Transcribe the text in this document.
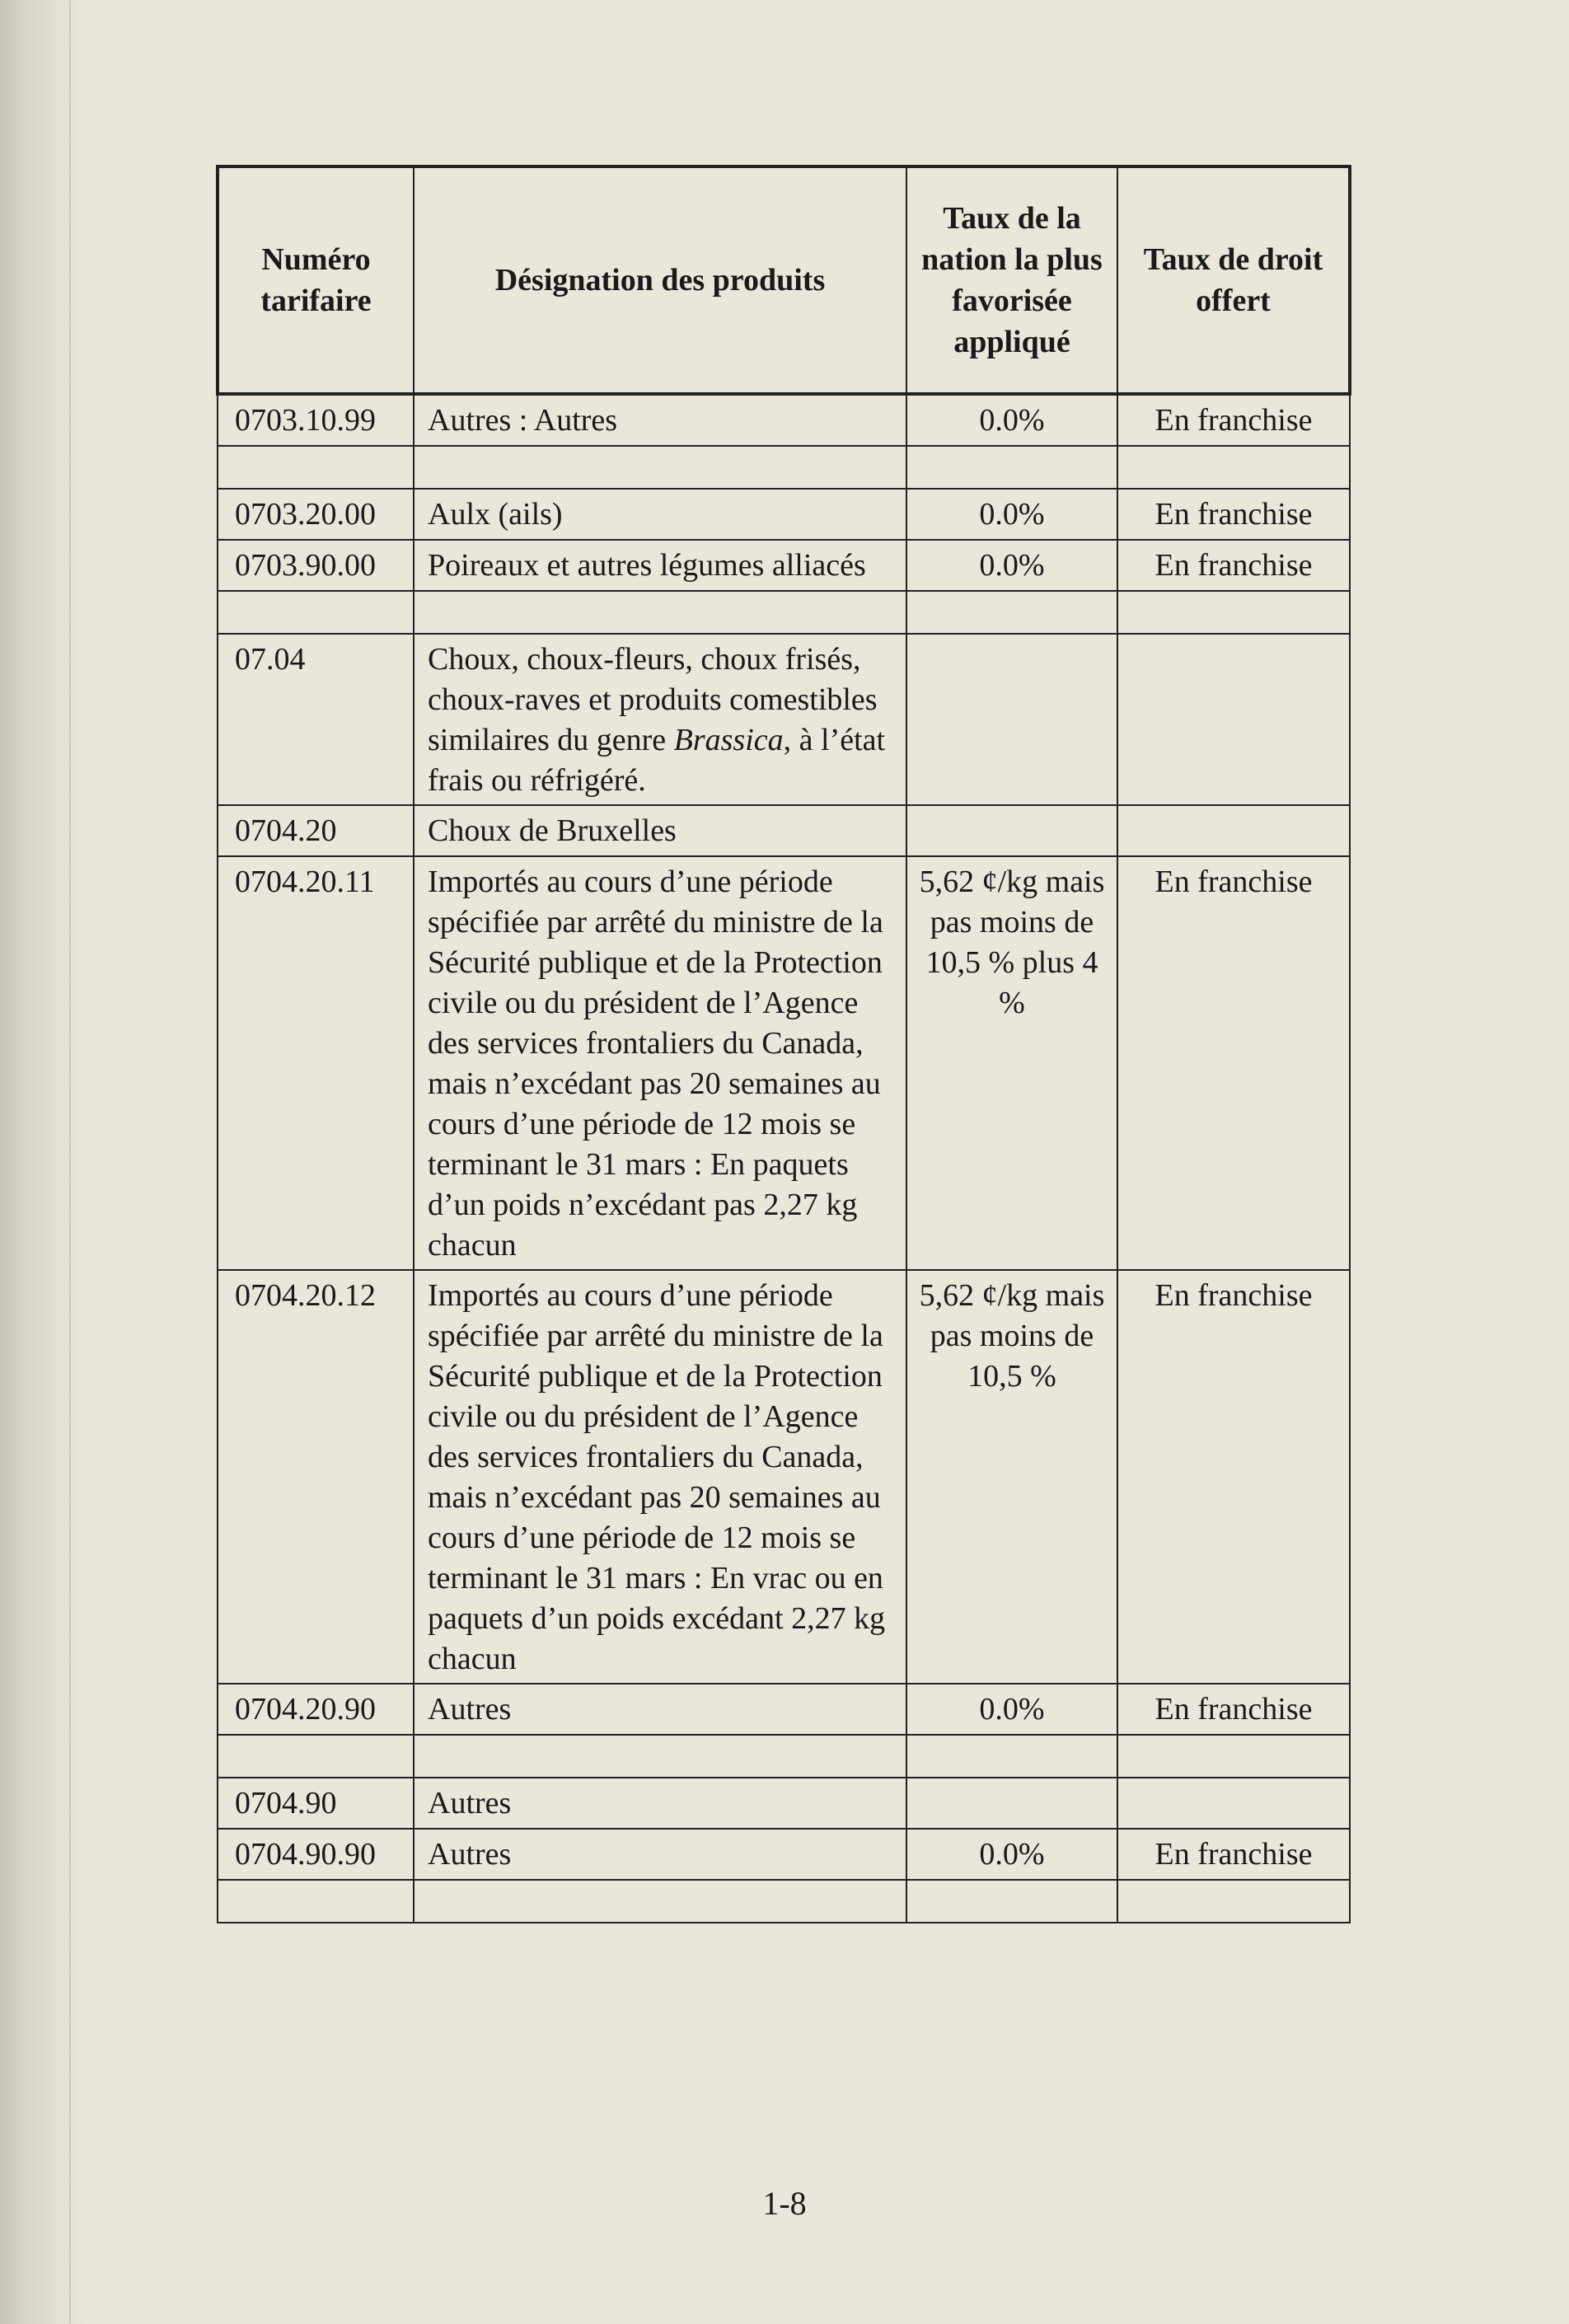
Numéro tarifaire	Désignation des produits	Taux de la nation la plus favorisée appliqué	Taux de droit offert
0703.10.99	Autres : Autres	0.0%	En franchise

0703.20.00	Aulx (ails)	0.0%	En franchise
0703.90.00	Poireaux et autres légumes alliacés	0.0%	En franchise

07.04	Choux, choux-fleurs, choux frisés, choux-raves et produits comestibles similaires du genre Brassica, à l’état frais ou réfrigéré.		
0704.20	Choux de Bruxelles		
0704.20.11	Importés au cours d’une période spécifiée par arrêté du ministre de la Sécurité publique et de la Protection civile ou du président de l’Agence des services frontaliers du Canada, mais n’excédant pas 20 semaines au cours d’une période de 12 mois se terminant le 31 mars : En paquets d’un poids n’excédant pas 2,27 kg chacun	5,62 ¢/kg mais pas moins de 10,5 % plus 4 %	En franchise
0704.20.12	Importés au cours d’une période spécifiée par arrêté du ministre de la Sécurité publique et de la Protection civile ou du président de l’Agence des services frontaliers du Canada, mais n’excédant pas 20 semaines au cours d’une période de 12 mois se terminant le 31 mars : En vrac ou en paquets d’un poids excédant 2,27 kg chacun	5,62 ¢/kg mais pas moins de 10,5 %	En franchise
0704.20.90	Autres	0.0%	En franchise

0704.90	Autres		
0704.90.90	Autres	0.0%	En franchise

1-8
